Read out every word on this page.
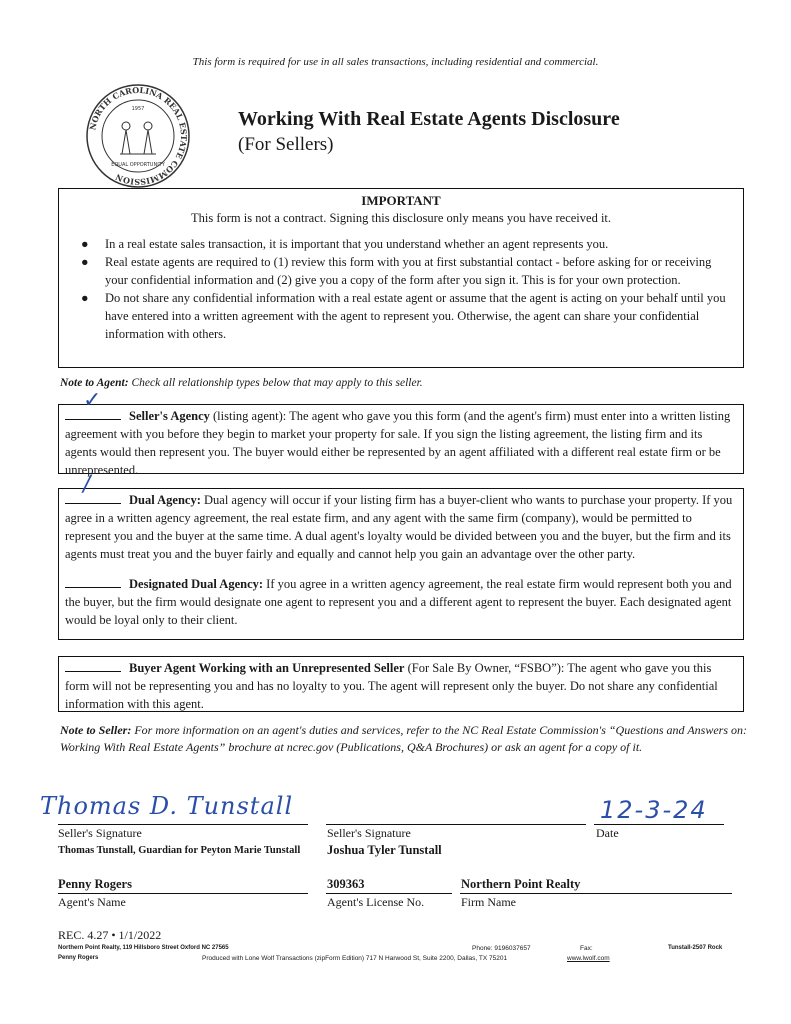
This form is required for use in all sales transactions, including residential and commercial.
NORTH CAROLINA REAL ESTATE COMMISSION
1957
EQUAL OPPORTUNITY
Working With Real Estate Agents Disclosure
(For Sellers)
IMPORTANT
This form is not a contract. Signing this disclosure only means you have received it.
● In a real estate sales transaction, it is important that you understand whether an agent represents you.
● Real estate agents are required to (1) review this form with you at first substantial contact - before asking for or receiving your confidential information and (2) give you a copy of the form after you sign it. This is for your own protection.
● Do not share any confidential information with a real estate agent or assume that the agent is acting on your behalf until you have entered into a written agreement with the agent to represent you. Otherwise, the agent can share your confidential information with others.
Note to Agent: Check all relationship types below that may apply to this seller.

✓
Seller's Agency (listing agent): The agent who gave you this form (and the agent's firm) must enter into a written listing agreement with you before they begin to market your property for sale. If you sign the listing agreement, the listing firm and its agents would then represent you. The buyer would either be represented by an agent affiliated with a different real estate firm or be unrepresented.

/
Dual Agency: Dual agency will occur if your listing firm has a buyer-client who wants to purchase your property. If you agree in a written agency agreement, the real estate firm, and any agent with the same firm (company), would be permitted to represent you and the buyer at the same time. A dual agent's loyalty would be divided between you and the buyer, but the firm and its agents must treat you and the buyer fairly and equally and cannot help you gain an advantage over the other party.

Designated Dual Agency: If you agree in a written agency agreement, the real estate firm would represent both you and the buyer, but the firm would designate one agent to represent you and a different agent to represent the buyer. Each designated agent would be loyal only to their client.

Buyer Agent Working with an Unrepresented Seller (For Sale By Owner, “FSBO”): The agent who gave you this form will not be representing you and has no loyalty to you. The agent will represent only the buyer. Do not share any confidential information with this agent.

Note to Seller: For more information on an agent's duties and services, refer to the NC Real Estate Commission's “Questions and Answers on: Working With Real Estate Agents” brochure at ncrec.gov (Publications, Q&A Brochures) or ask an agent for a copy of it.
Thomas D. Tunstall	12-3-24
Seller's Signature
Thomas Tunstall, Guardian for Peyton Marie Tunstall
Seller's Signature
Joshua Tyler Tunstall
Date
Penny Rogers	309363	Northern Point Realty
Agent's Name	Agent's License No.	Firm Name
REC. 4.27 • 1/1/2022
Northern Point Realty, 119 Hillsboro Street Oxford NC 27565	Phone: 9196037657	Fax:	Tunstall-2507 Rock
Penny Rogers	Produced with Lone Wolf Transactions (zipForm Edition) 717 N Harwood St, Suite 2200, Dallas, TX 75201	www.lwolf.com
